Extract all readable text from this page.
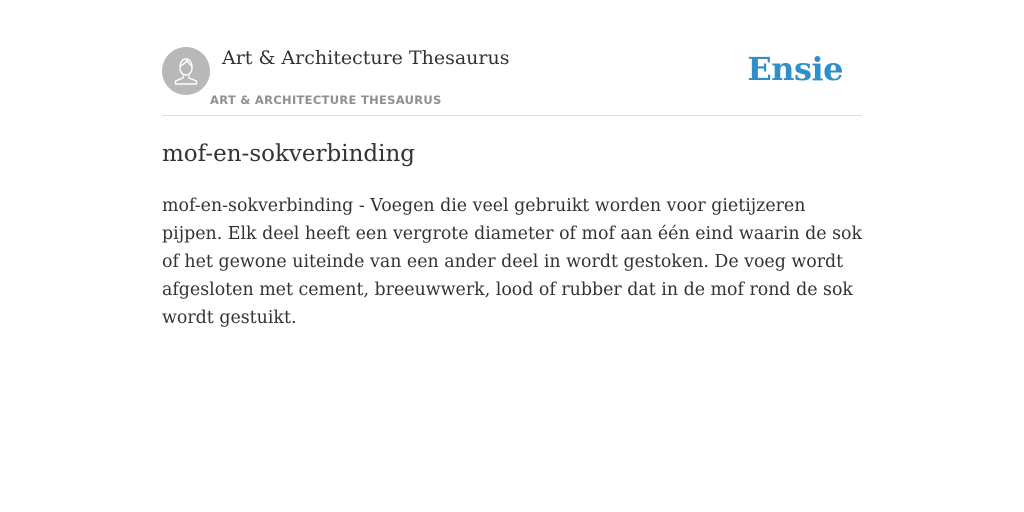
Art & Architecture Thesaurus
ART & ARCHITECTURE THESAURUS
Ensie
mof-en-sokverbinding

mof-en-sokverbinding - Voegen die veel gebruikt worden voor gietijzeren pijpen. Elk deel heeft een vergrote diameter of mof aan één eind waarin de sok of het gewone uiteinde van een ander deel in wordt gestoken. De voeg wordt afgesloten met cement, breeuwwerk, lood of rubber dat in de mof rond de sok wordt gestuikt.
